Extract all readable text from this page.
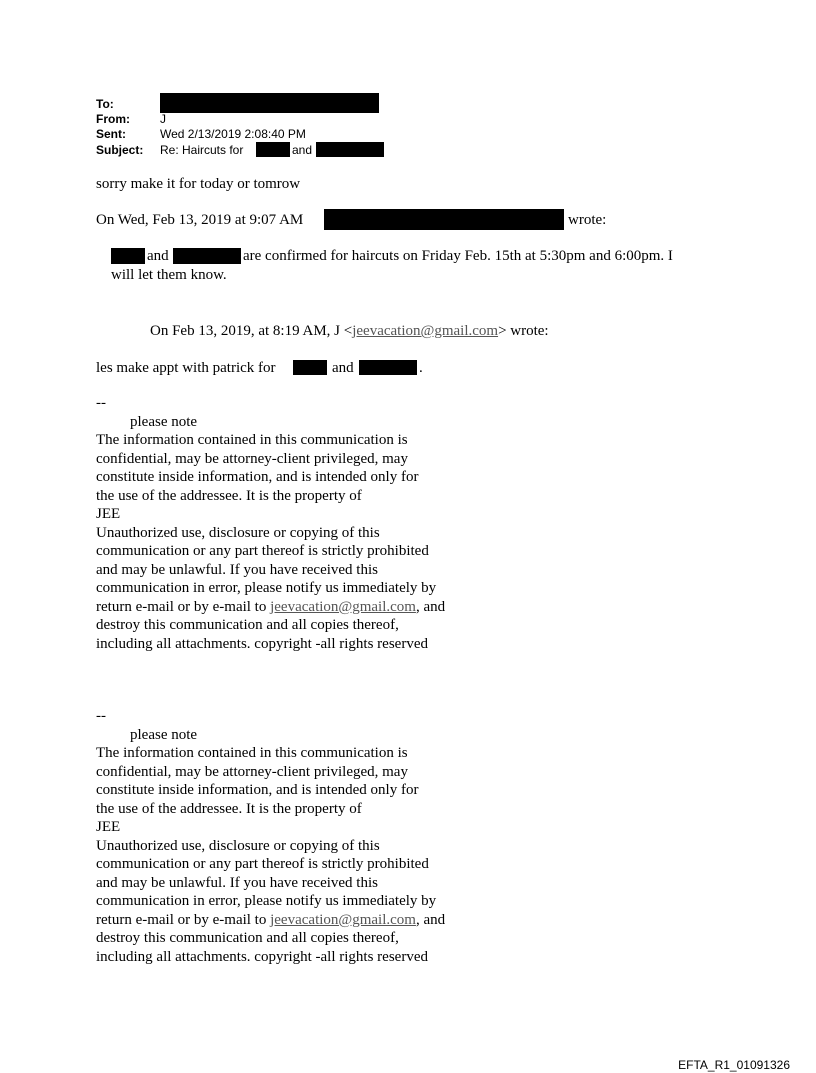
To:
From:	J
Sent:	Wed 2/13/2019 2:08:40 PM
Subject: Re: Haircuts for	and
sorry make it for today or tomrow
On Wed, Feb 13, 2019 at 9:07 AM	wrote:
and	are confirmed for haircuts on Friday Feb. 15th at 5:30pm and 6:00pm. I
will let them know.
On Feb 13, 2019, at 8:19 AM, J <jeevacation@gmail.com> wrote:
les make appt with patrick for	and	.
--
please note
The information contained in this communication is
confidential, may be attorney-client privileged, may
constitute inside information, and is intended only for
the use of the addressee. It is the property of
JEE
Unauthorized use, disclosure or copying of this
communication or any part thereof is strictly prohibited
and may be unlawful. If you have received this
communication in error, please notify us immediately by
return e-mail or by e-mail to jeevacation@gmail.com, and
destroy this communication and all copies thereof,
including all attachments. copyright -all rights reserved
--
please note
The information contained in this communication is
confidential, may be attorney-client privileged, may
constitute inside information, and is intended only for
the use of the addressee. It is the property of
JEE
Unauthorized use, disclosure or copying of this
communication or any part thereof is strictly prohibited
and may be unlawful. If you have received this
communication in error, please notify us immediately by
return e-mail or by e-mail to jeevacation@gmail.com, and
destroy this communication and all copies thereof,
including all attachments. copyright -all rights reserved
EFTA_R1_01091326
